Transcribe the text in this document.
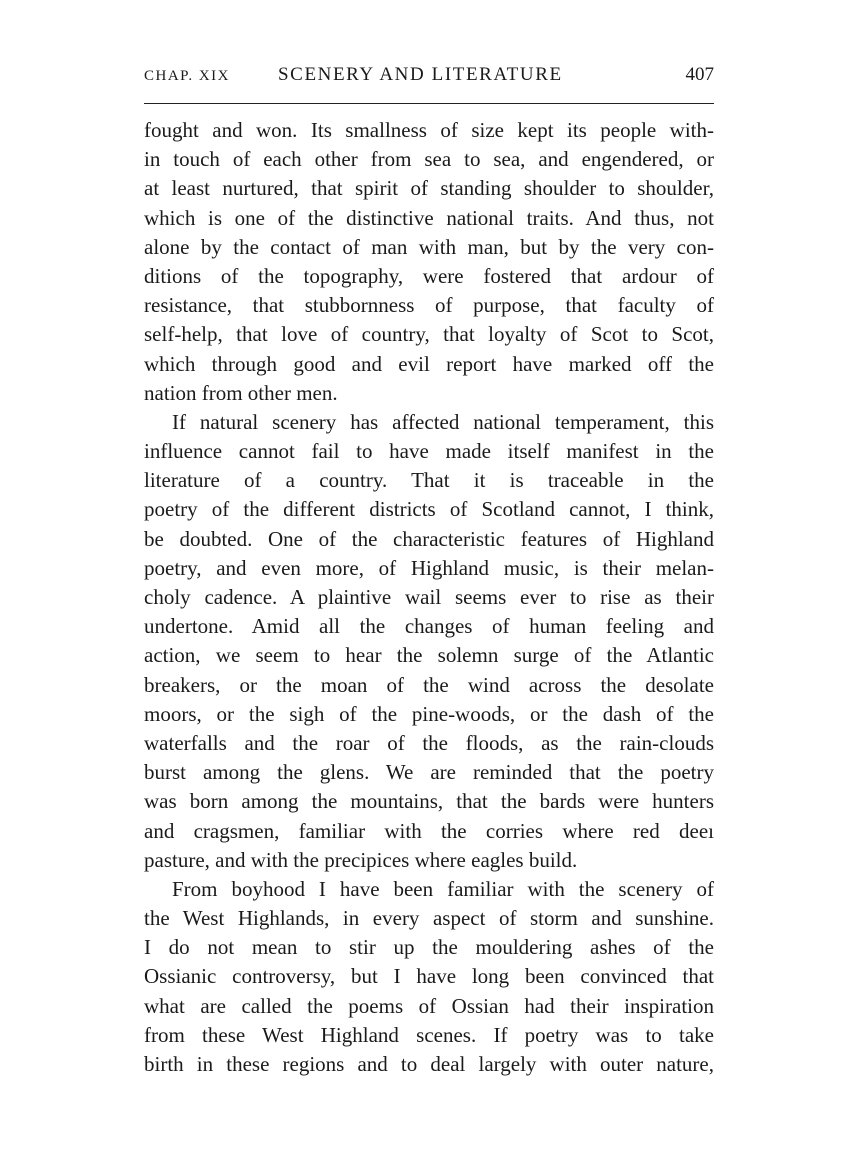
CHAP. XIX	SCENERY AND LITERATURE	407
fought and won. Its smallness of size kept its people with-
in touch of each other from sea to sea, and engendered, or
at least nurtured, that spirit of standing shoulder to shoulder,
which is one of the distinctive national traits. And thus, not
alone by the contact of man with man, but by the very con-
ditions of the topography, were fostered that ardour of
resistance, that stubbornness of purpose, that faculty of
self-help, that love of country, that loyalty of Scot to Scot,
which through good and evil report have marked off the
nation from other men.
If natural scenery has affected national temperament, this
influence cannot fail to have made itself manifest in the
literature of a country. That it is traceable in the
poetry of the different districts of Scotland cannot, I think,
be doubted. One of the characteristic features of Highland
poetry, and even more, of Highland music, is their melan-
choly cadence. A plaintive wail seems ever to rise as their
undertone. Amid all the changes of human feeling and
action, we seem to hear the solemn surge of the Atlantic
breakers, or the moan of the wind across the desolate
moors, or the sigh of the pine-woods, or the dash of the
waterfalls and the roar of the floods, as the rain-clouds
burst among the glens. We are reminded that the poetry
was born among the mountains, that the bards were hunters
and cragsmen, familiar with the corries where red deeı
pasture, and with the precipices where eagles build.
From boyhood I have been familiar with the scenery of
the West Highlands, in every aspect of storm and sunshine.
I do not mean to stir up the mouldering ashes of the
Ossianic controversy, but I have long been convinced that
what are called the poems of Ossian had their inspiration
from these West Highland scenes. If poetry was to take
birth in these regions and to deal largely with outer nature,
